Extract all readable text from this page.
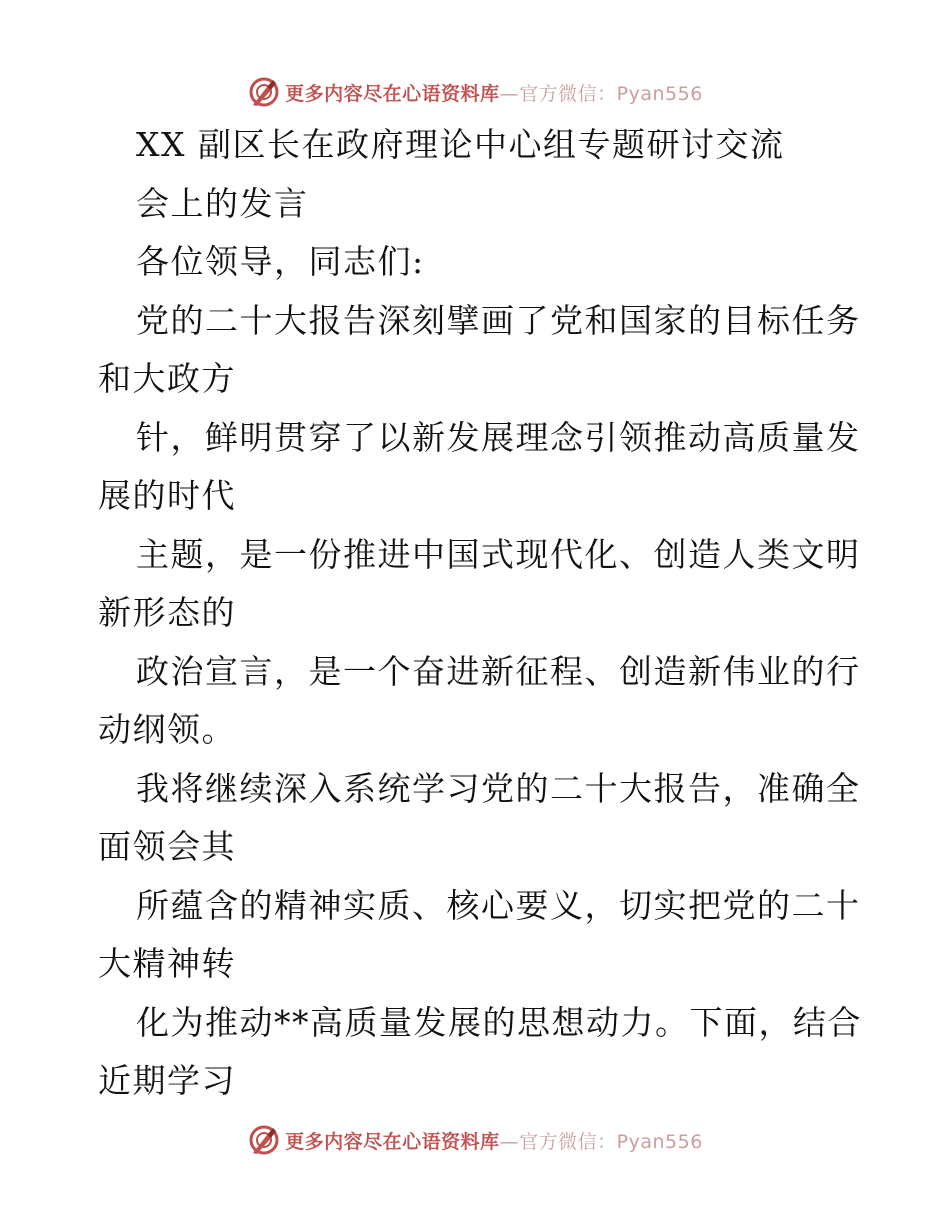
更多内容尽在心语资料库—官方微信：Pyan556
XX 副区长在政府理论中心组专题研讨交流
会上的发言
各位领导，同志们:
党的二十大报告深刻擘画了党和国家的目标任务
和大政方
针，鲜明贯穿了以新发展理念引领推动高质量发
展的时代
主题，是一份推进中国式现代化、创造人类文明
新形态的
政治宣言，是一个奋进新征程、创造新伟业的行
动纲领。
我将继续深入系统学习党的二十大报告，准确全
面领会其
所蕴含的精神实质、核心要义，切实把党的二十
大精神转
化为推动**高质量发展的思想动力。下面，结合
近期学习
更多内容尽在心语资料库—官方微信：Pyan556
